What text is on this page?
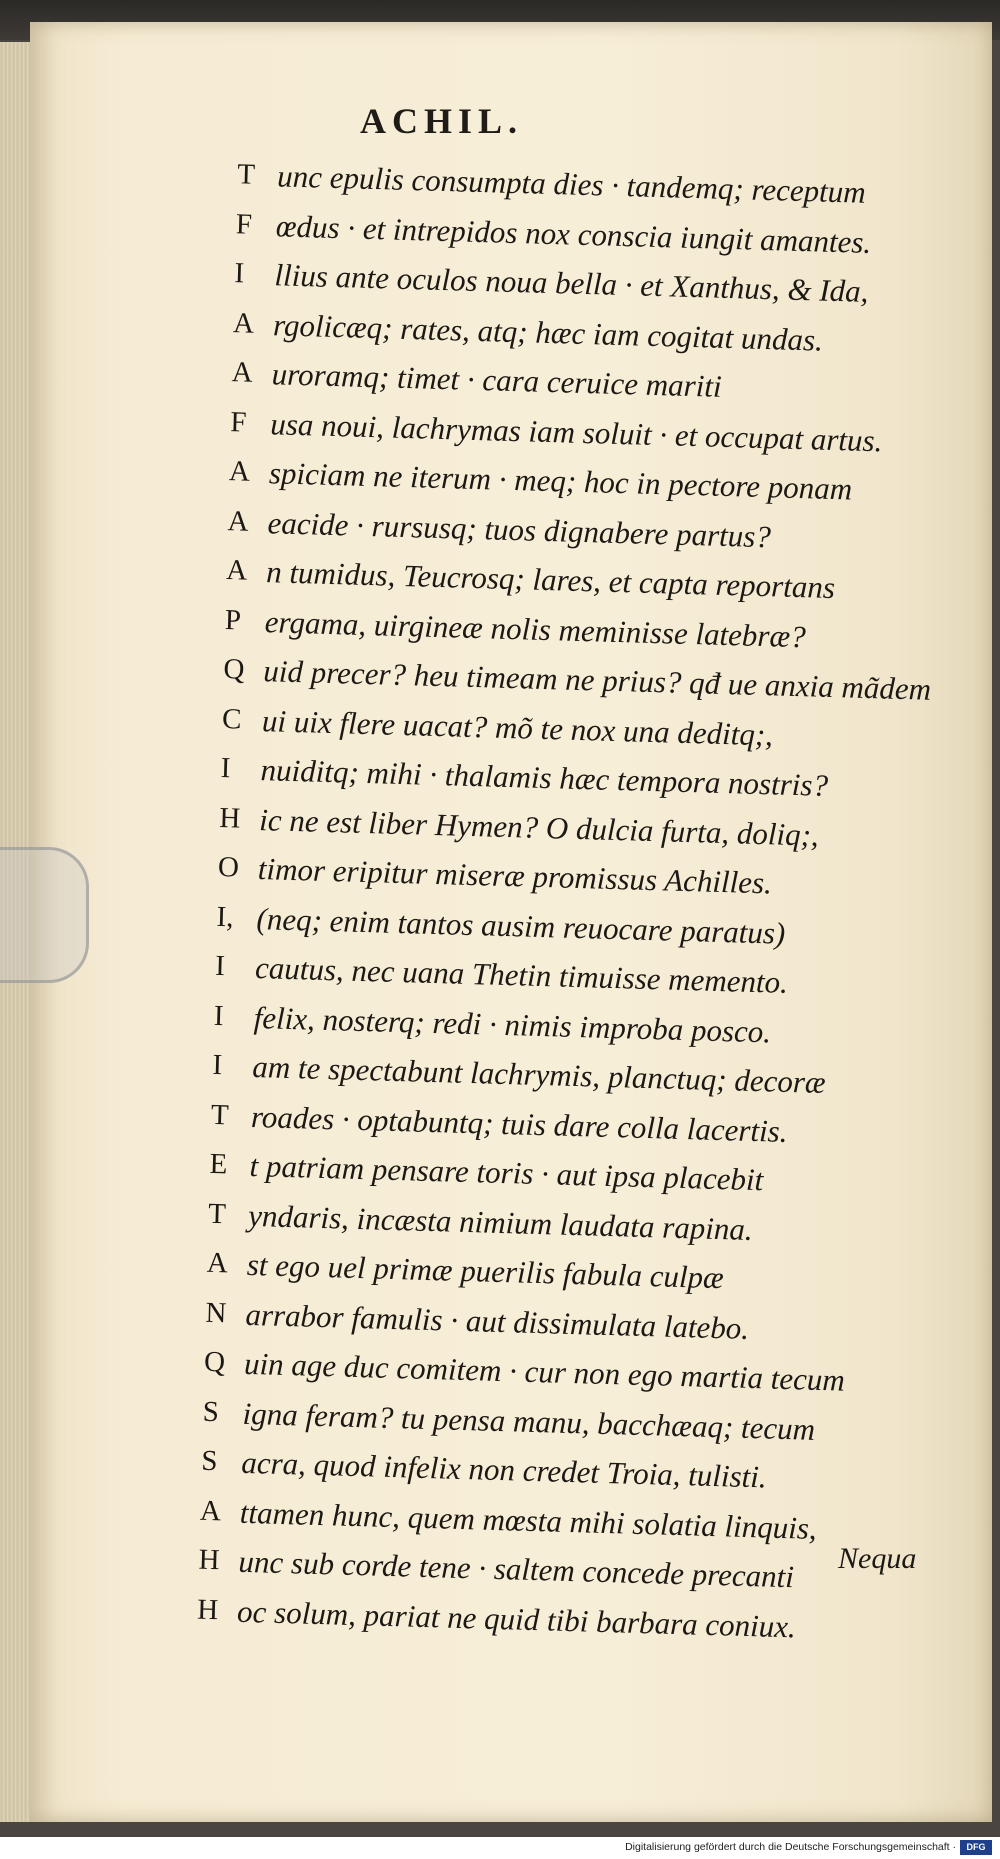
ACHIL.
T unc epulis consumpta dies · tandemq; receptum
F œdus · et intrepidos nox conscia iungit amantes.
I llius ante oculos noua bella · et Xanthus, & Ida,
A rgolicæq; rates, atq; hæc iam cogitat undas.
A uroramq; timet · cara ceruice mariti
F usa noui, lachrymas iam soluit · et occupat artus.
A spiciam ne iterum · meq; hoc in pectore ponam
A eacide · rursusq; tuos dignabere partus?
A n tumidus, Teucrosq; lares, et capta reportans
P ergama, uirgineæ nolis meminisse latebræ?
Q uid precer? heu timeam ne prius? qđ ue anxia mãdem
C ui uix flere uacat? mõ te nox una deditq;,
I nuiditq; mihi · thalamis hæc tempora nostris?
H ic ne est liber Hymen? O dulcia furta, doliq;,
O timor eripitur miseræ promissus Achilles.
I, (neq; enim tantos ausim reuocare paratus)
I cautus, nec uana Thetin timuisse memento.
I felix, nosterq; redi · nimis improba posco.
I am te spectabunt lachrymis, planctuq; decoræ
T roades · optabuntq; tuis dare colla lacertis.
E t patriam pensare toris · aut ipsa placebit
T yndaris, incæsta nimium laudata rapina.
A st ego uel primæ puerilis fabula culpæ
N arrabor famulis · aut dissimulata latebo.
Q uin age duc comitem · cur non ego martia tecum
S igna feram? tu pensa manu, bacchæaq; tecum
S acra, quod infelix non credet Troia, tulisti.
A ttamen hunc, quem mœsta mihi solatia linquis,
H unc sub corde tene · saltem concede precanti
H oc solum, pariat ne quid tibi barbara coniux.
Nequa
Digitalisierung gefördert durch die Deutsche Forschungsgemeinschaft ·	DFG
